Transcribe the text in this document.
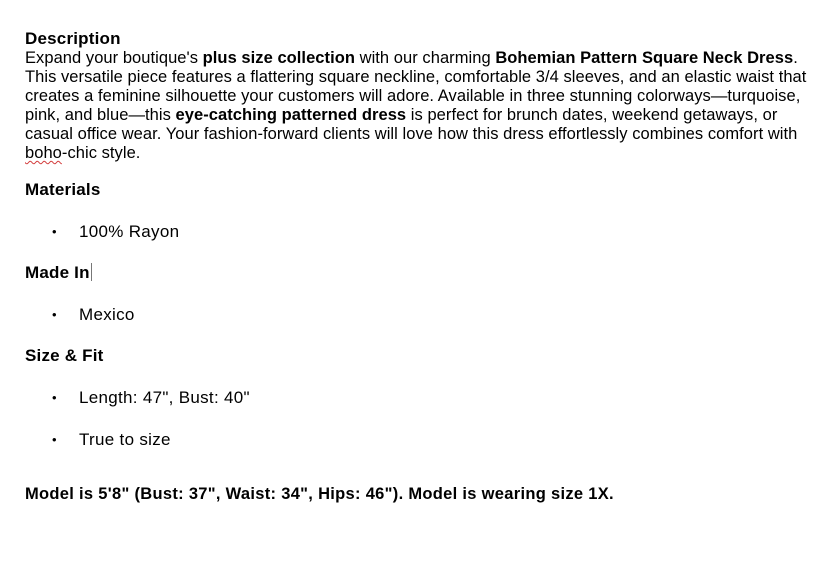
Description

Expand your boutique's plus size collection with our charming Bohemian Pattern Square Neck Dress. This versatile piece features a flattering square neckline, comfortable 3/4 sleeves, and an elastic waist that creates a feminine silhouette your customers will adore. Available in three stunning colorways—turquoise, pink, and blue—this eye-catching patterned dress is perfect for brunch dates, weekend getaways, or casual office wear. Your fashion-forward clients will love how this dress effortlessly combines comfort with boho-chic style.

Materials
• 100% Rayon
Made In
• Mexico
Size & Fit
• Length: 47", Bust: 40"
• True to size

Model is 5'8" (Bust: 37", Waist: 34", Hips: 46"). Model is wearing size 1X.
